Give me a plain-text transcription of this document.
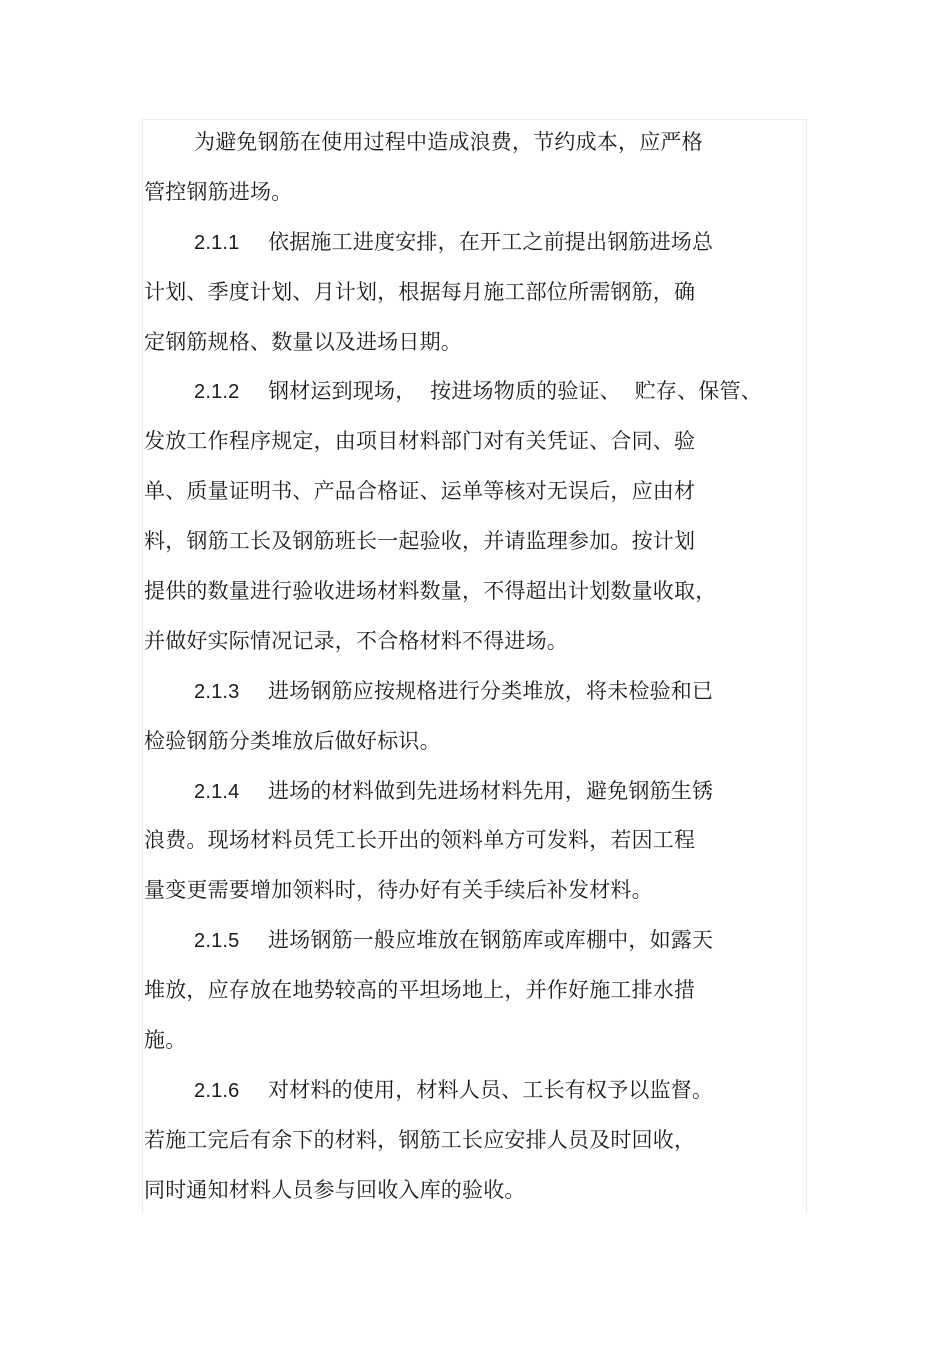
为避免钢筋在使用过程中造成浪费，节约成本，应严格
管控钢筋进场。
2.1.1 依据施工进度安排，在开工之前提出钢筋进场总
计划、季度计划、月计划，根据每月施工部位所需钢筋，确
定钢筋规格、数量以及进场日期。
2.1.2 钢材运到现场，  按进场物质的验证、  贮存、保管、
发放工作程序规定，由项目材料部门对有关凭证、合同、验
单、质量证明书、产品合格证、运单等核对无误后，应由材
料，钢筋工长及钢筋班长一起验收，并请监理参加。按计划
提供的数量进行验收进场材料数量，不得超出计划数量收取，
并做好实际情况记录，不合格材料不得进场。
2.1.3 进场钢筋应按规格进行分类堆放，将未检验和已
检验钢筋分类堆放后做好标识。
2.1.4 进场的材料做到先进场材料先用，避免钢筋生锈
浪费。现场材料员凭工长开出的领料单方可发料，若因工程
量变更需要增加领料时，待办好有关手续后补发材料。
2.1.5 进场钢筋一般应堆放在钢筋库或库棚中，如露天
堆放，应存放在地势较高的平坦场地上，并作好施工排水措
施。
2.1.6 对材料的使用，材料人员、工长有权予以监督。
若施工完后有余下的材料，钢筋工长应安排人员及时回收，
同时通知材料人员参与回收入库的验收。
